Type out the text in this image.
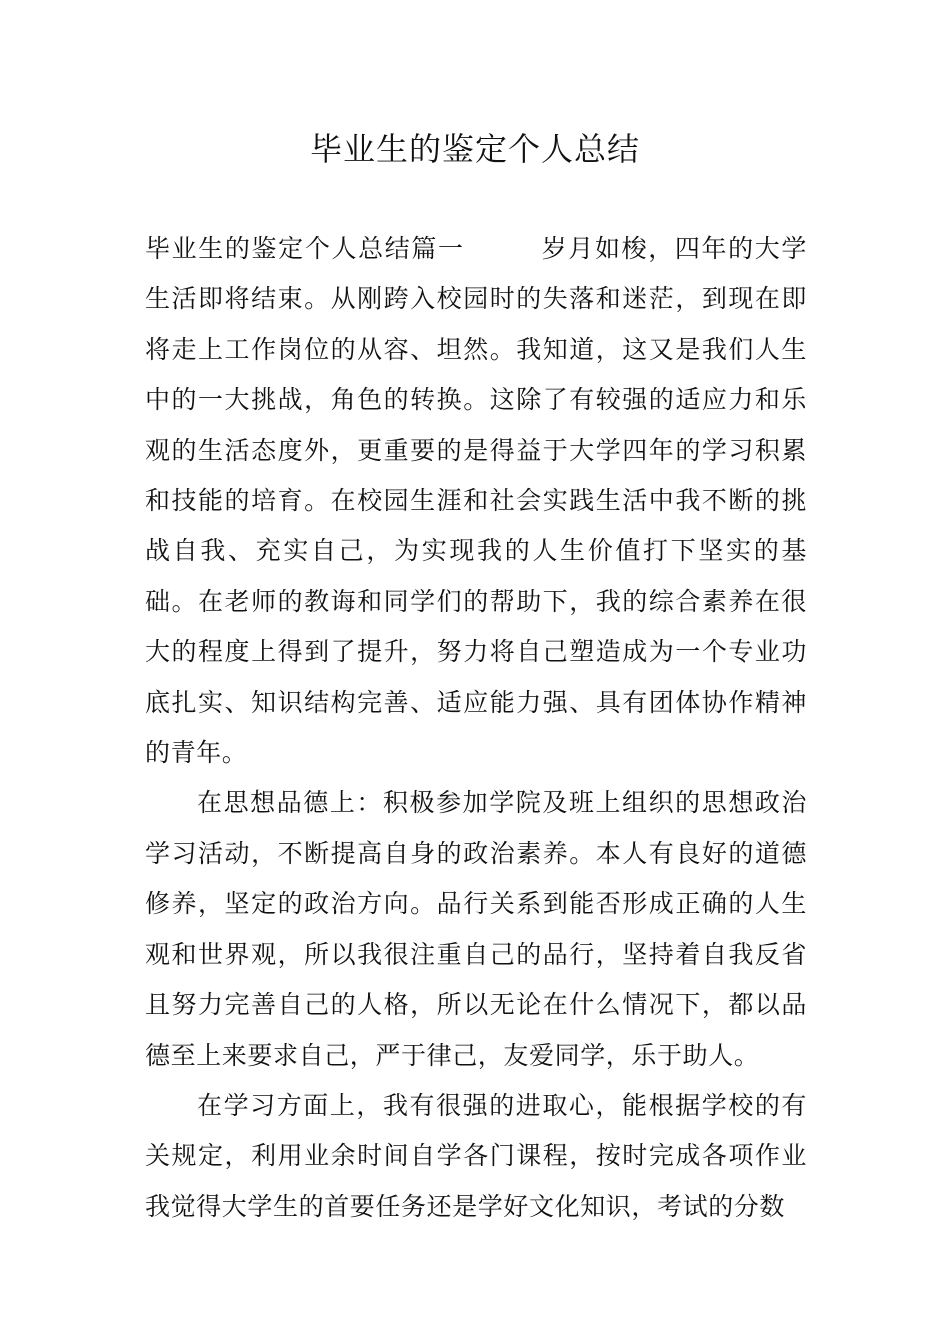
毕业生的鉴定个人总结

毕业生的鉴定个人总结篇一	岁月如梭，四年的大学生活即将结束。从刚跨入校园时的失落和迷茫，到现在即将走上工作岗位的从容、坦然。我知道，这又是我们人生中的一大挑战，角色的转换。这除了有较强的适应力和乐观的生活态度外，更重要的是得益于大学四年的学习积累和技能的培育。在校园生涯和社会实践生活中我不断的挑战自我、充实自己，为实现我的人生价值打下坚实的基础。在老师的教诲和同学们的帮助下，我的综合素养在很大的程度上得到了提升，努力将自己塑造成为一个专业功底扎实、知识结构完善、适应能力强、具有团体协作精神的青年。

在思想品德上：积极参加学院及班上组织的思想政治学习活动，不断提高自身的政治素养。本人有良好的道德修养，坚定的政治方向。品行关系到能否形成正确的人生观和世界观，所以我很注重自己的品行，坚持着自我反省且努力完善自己的人格，所以无论在什么情况下，都以品德至上来要求自己，严于律己，友爱同学，乐于助人。

在学习方面上，我有很强的进取心，能根据学校的有关规定，利用业余时间自学各门课程，按时完成各项作业我觉得大学生的首要任务还是学好文化知识，考试的分数
